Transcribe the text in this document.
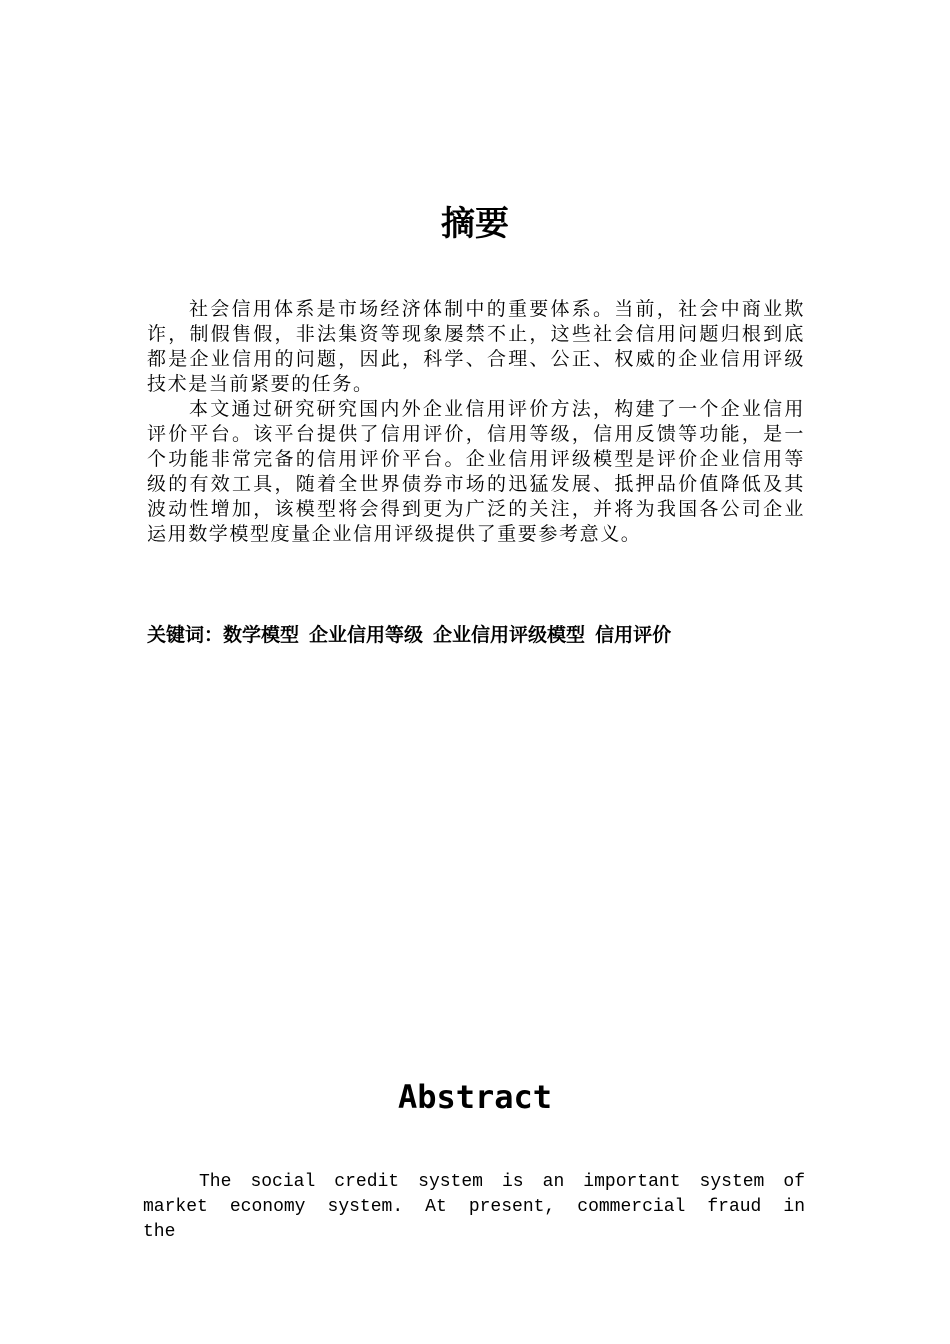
摘要

社会信用体系是市场经济体制中的重要体系。当前，社会中商业欺诈，制假售假，非法集资等现象屡禁不止，这些社会信用问题归根到底都是企业信用的问题，因此，科学、合理、公正、权威的企业信用评级技术是当前紧要的任务。

本文通过研究研究国内外企业信用评价方法，构建了一个企业信用评价平台。该平台提供了信用评价，信用等级，信用反馈等功能，是一个功能非常完备的信用评价平台。企业信用评级模型是评价企业信用等级的有效工具，随着全世界债券市场的迅猛发展、抵押品价值降低及其波动性增加，该模型将会得到更为广泛的关注，并将为我国各公司企业运用数学模型度量企业信用评级提供了重要参考意义。

关键词：数学模型 企业信用等级 企业信用评级模型 信用评价

Abstract

The social credit system is an important system of market economy system. At present, commercial fraud in the
